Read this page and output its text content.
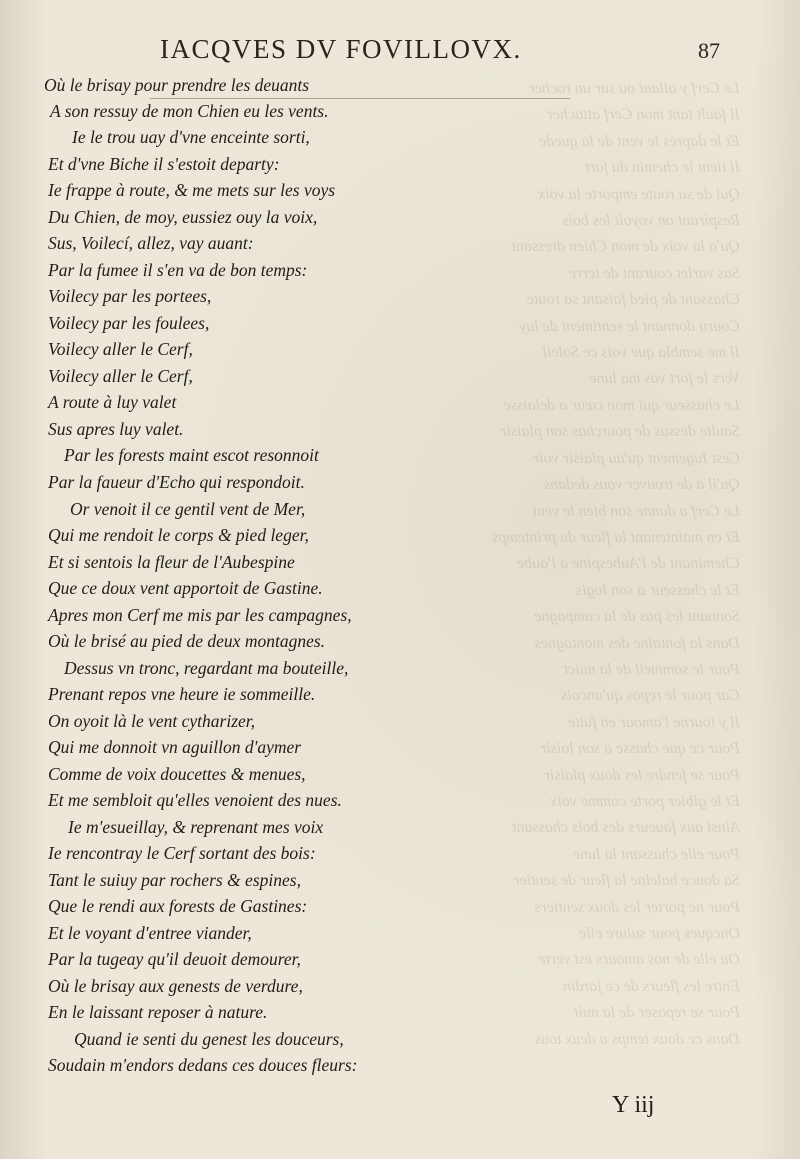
IACQVES DV FOVILLOVX.	87
Le Cerf y allant ou sur un rocher
Il fault tant mon Cerf attacher
Et le dapres le vent de la guede
Il tient le chemin du fort
Qui de sa route emporte la voix
Respirant on voyoit les bois
Qu'a la voix de mon Chien dressant
Sus varlet courant de terre
Chassant de pied faisant sa route
Couru donnant le sentiment de luy
Il me sembla que vois ce Soleil
Vers le fort vas ma lune
Le chasseur qui mon cœur a delaisse
Saulte dessus de pourchas son plaisir
Cest Iugement qu'au plaisir voir
Qu'il a de trouver vous dedans
Le Cerf a donne son bien le vent
Et en maintenant la fleur du printemps
Cheminant de l'Aubespine a l'aube
Et le chasseur a son logis
Sonnant les pas de la campagne
Dans la fontaine des montagnes
Pour le sommeil de la nuict
Car pour le repos qu'ancois
Il y tourne l'amour en fuite
Pour ce que chasse a son loisir
Pour se fendre les doux plaisir
Et le gibier porte comme voix
Ainsi aux faueurs des bois chassant
Pour elle chassant la lune
Sa douce haleine la fleur de sentier
Pour ne porter les doux sentiers
Oncques pour suiure elle
Ou elle de nos amours est verte
Entre les fleurs de ce jardin
Pour se reposer de la nuit
Dans ce doux temps a deux tous
Où le brisay pour prendre les deuants
A son ressuy de mon Chien eu les vents.
Ie le trou uay d'vne enceinte sorti,
Et d'vne Biche il s'estoit departy:
Ie frappe à route, & me mets sur les voys
Du Chien, de moy, eussiez ouy la voix,
Sus, Voilecí, allez, vay auant:
Par la fumee il s'en va de bon temps:
Voilecy par les portees,
Voilecy par les foulees,
Voilecy aller le Cerf,
Voilecy aller le Cerf,
A route à luy valet
Sus apres luy valet.
Par les forests maint escot resonnoit
Par la faueur d'Echo qui respondoit.
Or venoit il ce gentil vent de Mer,
Qui me rendoit le corps & pied leger,
Et si sentois la fleur de l'Aubespine
Que ce doux vent apportoit de Gastine.
Apres mon Cerf me mis par les campagnes,
Où le brisé au pied de deux montagnes.
Dessus vn tronc, regardant ma bouteille,
Prenant repos vne heure ie sommeille.
On oyoit là le vent cytharizer,
Qui me donnoit vn aguillon d'aymer
Comme de voix doucettes & menues,
Et me sembloit qu'elles venoient des nues.
Ie m'esueillay, & reprenant mes voix
Ie rencontray le Cerf sortant des bois:
Tant le suiuy par rochers & espines,
Que le rendi aux forests de Gastines:
Et le voyant d'entree viander,
Par la tugeay qu'il deuoit demourer,
Où le brisay aux genests de verdure,
En le laissant reposer à nature.
Quand ie senti du genest les douceurs,
Soudain m'endors dedans ces douces fleurs:
Y iij
